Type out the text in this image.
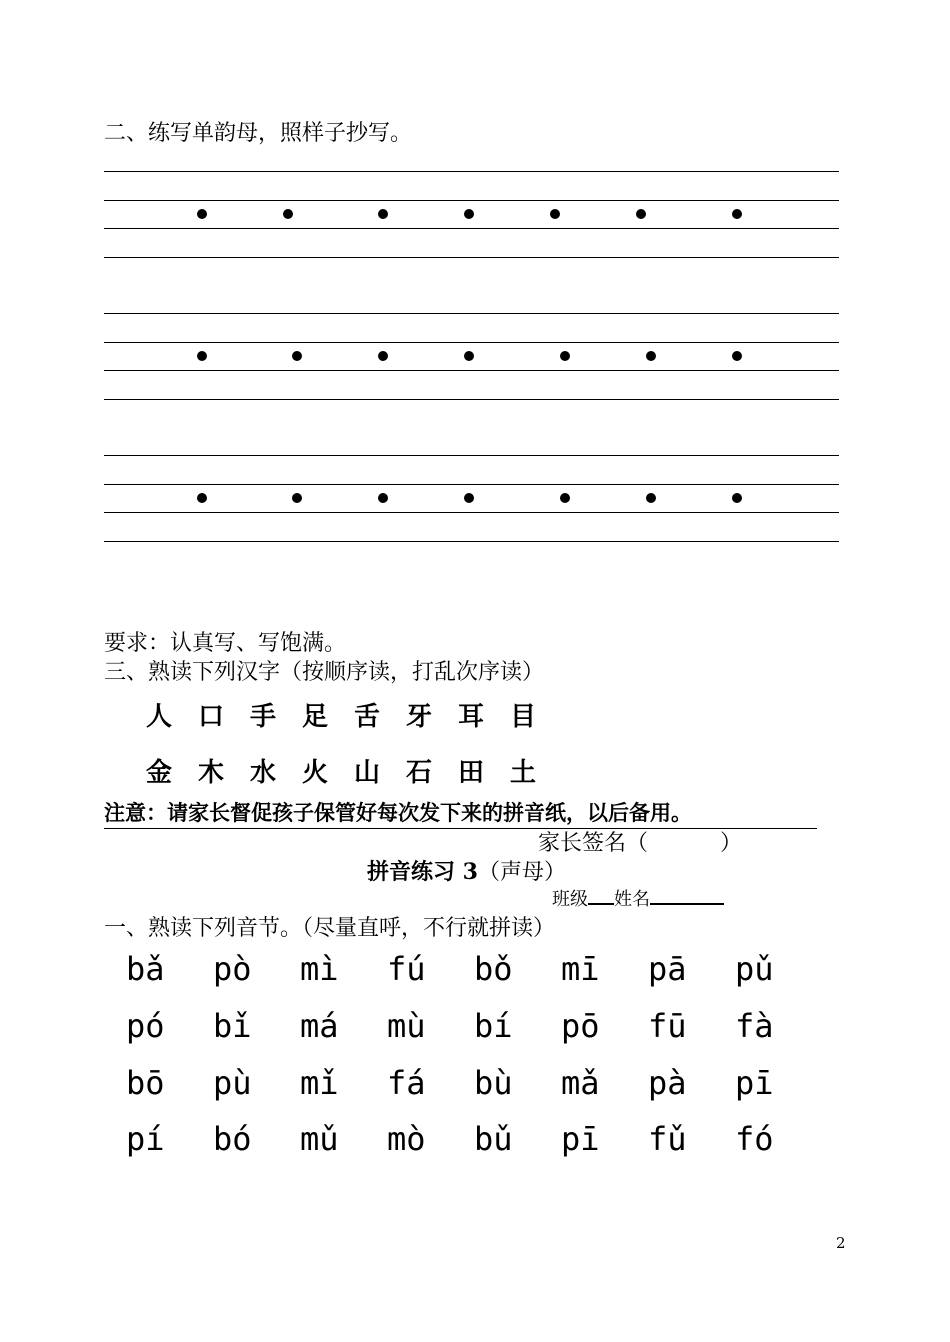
二、练写单韵母，照样子抄写。
要求：认真写、写饱满。
三、熟读下列汉字（按顺序读，打乱次序读）
人 口 手 足 舌 牙 耳 目
金 木 水 火 山 石 田 土
注意：请家长督促孩子保管好每次发下来的拼音纸，以后备用。
家长签名（	）
拼音练习 3（声母）
班级 姓名
一、熟读下列音节。（尽量直呼，不行就拼读）
bǎ pò mì fú bǒ mī pā pǔ
pó bǐ má mù bí pō fū fà
bō pù mǐ fá bù mǎ pà pī
pí bó mǔ mò bǔ pī fǔ fó
2
